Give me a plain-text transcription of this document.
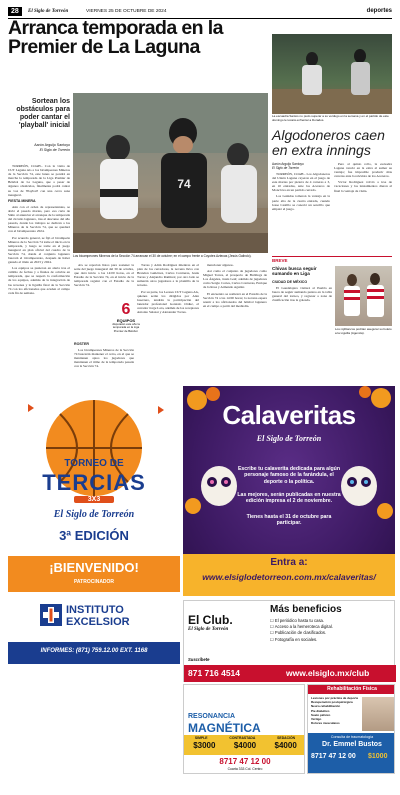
28	El Siglo de Torreón	VIERNES 25 DE OCTUBRE DE 2024	deportes
Arranca temporada en la Premier de La Laguna
Sortean los obstáculos para poder cantar el 'playball' inicial
Aarón Arguijo Santoyo
El Siglo de Torreón
74
Los bicampeones Mineros de la Sección 74 arrancan el 30 de octubre; en el campo frente a Coyotes Aztecas (Jesús Galindo).

TORREÓN, COAH.- Con la visita de CUT Laguna AG a los bicampeones Mineros de la Sección 74, este lunes se pondrá en marcha la temporada de la Liga Premier de Béisbol de La Laguna, que a pesar de algunos obstáculos, finalmente podrá cantar su voz de 'Playball' con una cerca sana inaugural.

FIESTA MINERA

Aún con el orden de representantes, se abrió el pasado martes, pero esa carta de Siklo al anunciar el arranque de la temporada del circuito lagunero, tras el descanso del año pasado, donde los trabajos se dedican a los Mineros de la Sección 74, que se quedará con el bicampeonato 2024.

Por acuerdo general, se fijó el bicampeón Mineros de la Sección 74 tome el inicio en la temporada, y luego se tome en el juego inaugural en plan oficial del cuadro de la Sección 74, donde el conjunto lagunero buscará el tricampeonato, después de haber ganado el título en 2023 y 2024.

Los equipos se pusieron en alerta tras el cambio de fechas y a finales de octubre en temporada, que se respetó la conformación de los equipos, además de la integración de las novenas y la liguilla final de la Sección 74 con los aficionados que acuden al campo cada fin de semana.

AG se reportan listos para sostener la serie del juego inaugural del 30 de octubre, que dará inicio a las 14:00 horas, en el Estadio de la Sección 74, en el inicio de la temporada regular con el Estadio de la Sección 74.

6
EQUIPOS
disputarán este año la temporada en la Liga Premier de Béisbol.
ROSTER

Los bicampeones Mineros de la Sección 74 buscarán mantener el cetro, en el que se mantienen aptos los jugadores que mantienen el ritmo de la temporada pasada con la Sección 74.

Torres y Adán Rodríguez mientras en el plan de los cerradores, la novena lleva con Brandon Gutiérrez, Carlos Contreras, Jesús Torres y Alejandro Ramírez; por otro lado se sumarán otros jugadores a la plantilla de la novena.

Por su parte, los Leones CUT Laguna AG, quienes serán los dirigidos por Alan Guerrero, tendrán la participación del lanzador profesional Gonzalo Orduz, el cerrador Jorge Lara, además de los receptores Antonio Salazar y Alexander Torres.

mencionar algunos.

Así como el conjunto de jugadores como Miguel Torres, el prospecto de Bulldogs de Los Ángeles, Jesús Leal; además de jugadores como Sergio Cortes, Carlos Contreras, Enrique de la Rosa y Armando Aguilar.

El encuentro se realizará en el Estadio de la Sección 74 a las 14:00 horas; la novena espera reunir a los aficionados del béisbol lagunero en el campo a partir del mediodía.

La escuadra Santos no pudo superar a su verdugo en la semana y en el partido de este domingo le tocará enfrentar a Dorados.
Algodoneros caen en extra innings
Aarón Arguijo Santoyo
El Siglo de Torreón

TORREÓN, COAH.- Los Algodoneros del Unión Laguna cayeron en el juego de este martes por pizarra de 4 carreras a 3, en 10 entradas, ante los Acereros de Monclova en un partido cerrado.

Los Guindas tomaron la ventaja en la parte alta de la cuarta entrada, cuando Jesse Castillo se conectó un sencillo que empató el juego.

Pero al quinto rollo, la escuadra Laguna venció en la extra al sumar su ventaja; fue imposible producir más carreras ante la relevista de los Acereros.

Víctor Rodríguez volvió a irse de vacaciones y los lanzamientos dieron al final la ventaja de visita.

BREVE
Chivas busca seguir sumando en Liga
CIUDAD DE MÉXICO

El Guadalajara visitará al Puebla en busca de seguir sumando puntos en la tabla general del torneo, y regresar a zona de clasificación tras la goleada.

Los rojiblancos podrían asegurar su boleto a la Liguilla (Agencia).
Calaveritas
El Siglo de Torreón
Escribe tu calaverita dedicada para algún personaje famoso de la farándula, el deporte o la política.
Las mejores, serán publicadas en nuestra edición impresa el 2 de noviembre.
Tienes hasta el 31 de octubre para participar.
Entra a:
www.elsiglodetorreon.com.mx/calaveritas/
TORNEO DE
TERCIAS
3X3
El Siglo de Torreón
3ª EDICIÓN
¡BIENVENIDO!
PATROCINADOR
INSTITUTO
EXCELSIOR
INFORMES: (871) 759.12.00 EXT. 1168
El Club.
El Siglo de Torreón
Más beneficios
☐ El periódico hasta tu casa.
☐ Acceso a la hemeroteca digital.
☐ Publicación de clasificados.
☐ Fotografía en sociales.
Suscríbete
871 716 4514	www.elsiglo.mx/club
RESONANCIA
MAGNÉTICA
SIMPLE	CONTRASTADA	SEDACIÓN
$3000 $4000 $4000
8717 47 12 00
Cuarta 333 Col. Centro
Rehabilitación Física
Lesiones por práctica de deporte
Recuperación postquirúrgica
Neuro-rehabilitación
Pie diabético
Suelo pélvico
Vértigo
Dolores musculares
Consulta de traumatología
Dr. Emmel Bustos
8717 47 12 00 $1000
